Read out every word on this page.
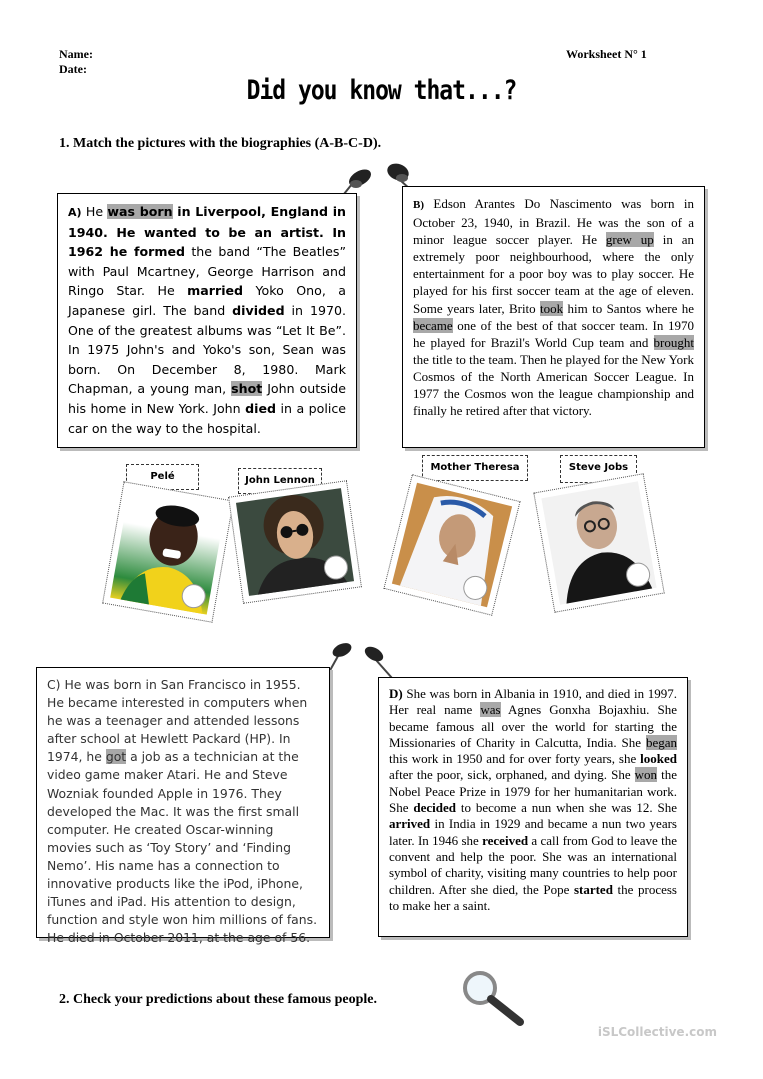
Name:
Date:
Worksheet N° 1
Did you know that...?
1. Match the pictures with the biographies (A-B-C-D).

A) He was born in Liverpool, England in 1940. He wanted to be an artist. In 1962 he formed the band “The Beatles” with Paul Mcartney, George Harrison and Ringo Star. He married Yoko Ono, a Japanese girl. The band divided in 1970. One of the greatest albums was “Let It Be”. In 1975 John's and Yoko's son, Sean was born. On December 8, 1980. Mark Chapman, a young man, shot John outside his home in New York. John died in a police car on the way to the hospital.

B) Edson Arantes Do Nascimento was born in October 23, 1940, in Brazil. He was the son of a minor league soccer player. He grew up in an extremely poor neighbourhood, where the only entertainment for a poor boy was to play soccer. He played for his first soccer team at the age of eleven. Some years later, Brito took him to Santos where he became one of the best of that soccer team. In 1970 he played for Brazil's World Cup team and brought the title to the team. Then he played for the New York Cosmos of the North American Soccer League. In 1977 the Cosmos won the league championship and finally he retired after that victory.

Pelé	John Lennon
Mother Theresa	Steve Jobs

C) He was born in San Francisco in 1955. He became interested in computers when he was a teenager and attended lessons after school at Hewlett Packard (HP). In 1974, he got a job as a technician at the video game maker Atari. He and Steve Wozniak founded Apple in 1976. They developed the Mac. It was the first small computer. He created Oscar-winning movies such as ‘Toy Story’ and ‘Finding Nemo’. His name has a connection to innovative products like the iPod, iPhone, iTunes and iPad. His attention to design, function and style won him millions of fans. He died in October 2011, at the age of 56.

D) She was born in Albania in 1910, and died in 1997. Her real name was Agnes Gonxha Bojaxhiu. She became famous all over the world for starting the Missionaries of Charity in Calcutta, India. She began this work in 1950 and for over forty years, she looked after the poor, sick, orphaned, and dying. She won the Nobel Peace Prize in 1979 for her humanitarian work. She decided to become a nun when she was 12. She arrived in India in 1929 and became a nun two years later. In 1946 she received a call from God to leave the convent and help the poor. She was an international symbol of charity, visiting many countries to help poor children. After she died, the Pope started the process to make her a saint.

2. Check your predictions about these famous people.
iSLCollective.com
